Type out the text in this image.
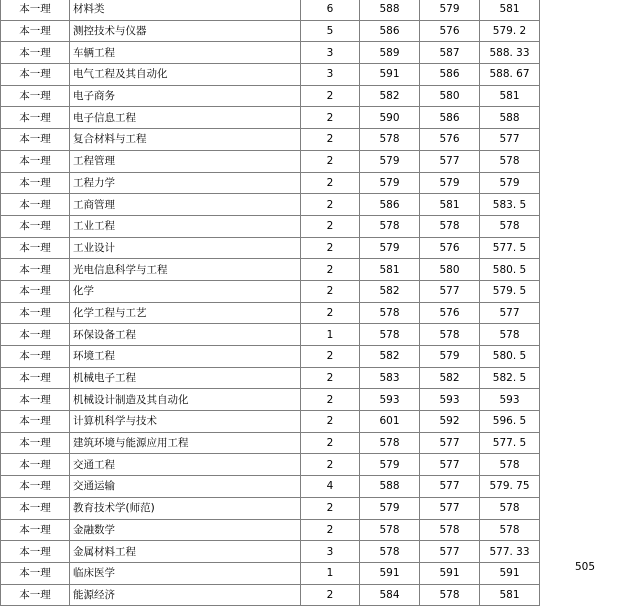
本一理	材料类	6	588	579	581
本一理	测控技术与仪器	5	586	576	579. 2
本一理	车辆工程	3	589	587	588. 33
本一理	电气工程及其自动化	3	591	586	588. 67
本一理	电子商务	2	582	580	581
本一理	电子信息工程	2	590	586	588
本一理	复合材料与工程	2	578	576	577
本一理	工程管理	2	579	577	578
本一理	工程力学	2	579	579	579
本一理	工商管理	2	586	581	583. 5
本一理	工业工程	2	578	578	578
本一理	工业设计	2	579	576	577. 5
本一理	光电信息科学与工程	2	581	580	580. 5
本一理	化学	2	582	577	579. 5
本一理	化学工程与工艺	2	578	576	577
本一理	环保设备工程	1	578	578	578
本一理	环境工程	2	582	579	580. 5
本一理	机械电子工程	2	583	582	582. 5
本一理	机械设计制造及其自动化	2	593	593	593
本一理	计算机科学与技术	2	601	592	596. 5
本一理	建筑环境与能源应用工程	2	578	577	577. 5
本一理	交通工程	2	579	577	578
本一理	交通运输	4	588	577	579. 75
本一理	教育技术学(师范)	2	579	577	578
本一理	金融数学	2	578	578	578
本一理	金属材料工程	3	578	577	577. 33
本一理	临床医学	1	591	591	591
本一理	能源经济	2	584	578	581
505
